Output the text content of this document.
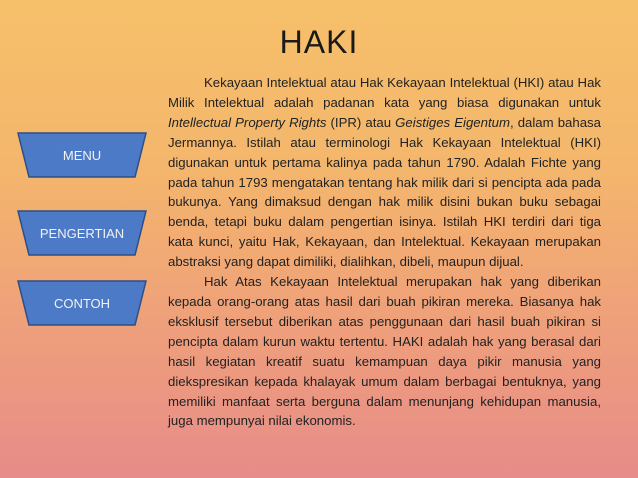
HAKI
MENU
PENGERTIAN
CONTOH

Kekayaan Intelektual atau Hak Kekayaan Intelektual (HKI) atau Hak Milik Intelektual adalah padanan kata yang biasa digunakan untuk Intellectual Property Rights (IPR) atau Geistiges Eigentum, dalam bahasa Jermannya. Istilah atau terminologi Hak Kekayaan Intelektual (HKI) digunakan untuk pertama kalinya pada tahun 1790. Adalah Fichte yang pada tahun 1793 mengatakan tentang hak milik dari si pencipta ada pada bukunya. Yang dimaksud dengan hak milik disini bukan buku sebagai benda, tetapi buku dalam pengertian isinya. Istilah HKI terdiri dari tiga kata kunci, yaitu Hak, Kekayaan, dan Intelektual. Kekayaan merupakan abstraksi yang dapat dimiliki, dialihkan, dibeli, maupun dijual.

Hak Atas Kekayaan Intelektual merupakan hak yang diberikan kepada orang-orang atas hasil dari buah pikiran mereka. Biasanya hak eksklusif tersebut diberikan atas penggunaan dari hasil buah pikiran si pencipta dalam kurun waktu tertentu. HAKI adalah hak yang berasal dari hasil kegiatan kreatif suatu kemampuan daya pikir manusia yang diekspresikan kepada khalayak umum dalam berbagai bentuknya, yang memiliki manfaat serta berguna dalam menunjang kehidupan manusia, juga mempunyai nilai ekonomis.
